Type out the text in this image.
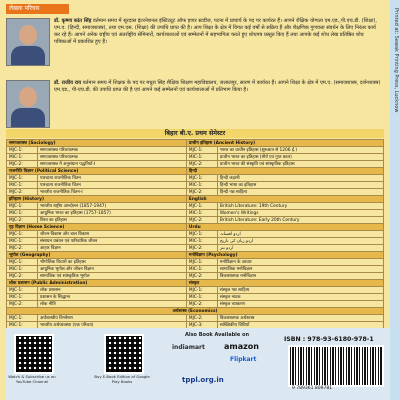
Printed at: Sewak Printing Press, Lucknow
लेखक परिचय
डॉ. कृष्णा कांत सिंह वर्तमान समय में सूरदास इंटरनेशनल इंस्टिट्यूट ऑफ हायर स्टडीज, पटना में प्राचार्य के पद पर कार्यरत हैं। आपने शैक्षिक योग्यता एम.एड.,पी.एच.डी. (शिक्षा), एम.ए. (हिन्दी, समाजशास्त्र), तथा एम.एस. (शिक्षा) की उपाधि प्राप्त की है। आप शिक्षा के क्षेत्र में विगत कई वर्षों से सक्रिय हैं और शैक्षणिक गुणवत्ता संवर्धन के लिए निरंतर कार्य कर रहे हैं। आपने अनेक राष्ट्रीय एवं अंतर्राष्ट्रीय सेमिनारों, कार्यशालाओं एवं सम्मेलनों में सहभागिता करते हुए शोधपत्र प्रस्तुत किए हैं तथा आपके कई शोध लेख प्रतिष्ठित शोध पत्रिकाओं में प्रकाशित हुए हैं।
डॉ. राजीव राय वर्तमान समय में शिक्षक के पद पर मधुरा सिंह शैक्षिक शिक्षण महाविद्यालय, जलालपुर, सारण में कार्यरत हैं। आपने शिक्षा के क्षेत्र में एम.ए. (समाजशास्त्र, दर्शनशास्त्र) एम.एड., पी-एच.डी. की उपाधि प्राप्त की है एवं आपने कई सम्मेलनों एवं कार्यशालाओं में प्रतिभाग किया है।
बिहार बी.ए. प्रथम सेमेस्टर
समाजशास्त्र (Sociology)		प्राचीन इतिहास (Ancient History)	
MJC-1:	समाजशास्त्र परिचयात्मक	MJC-1:	भारत का प्राचीन इतिहास (शुरुआत से 1206 ई.)
MIC-1:	समाजशास्त्र परिचयात्मक	MIC-1:	प्राचीन भारत का इतिहास (मौर्य एवं गुप्त काल)
MJC-2:	समाजशास्त्र में अनुसंधान पद्धतियाँ-I	MJC-2:	प्राचीन भारत की संस्कृति एवं सांस्कृतिक इतिहास
राजनीति विज्ञान (Political Science)		हिन्दी	
MJC-1:	पाश्चात्य राजनीतिक चिंतन	MJC-1:	हिन्दी कहानी
MIC-1:	पाश्चात्य राजनीतिक चिंतन	MIC-1:	हिन्दी भाषा का इतिहास
MJC-2:	भारतीय राजनीतिक चिंतन-I	MJC-2:	हिन्दी गद्य साहित्य
इतिहास (History)		English	
MJC-1:	भारतीय राष्ट्रीय आन्दोलन (1857-1947)	MJC-1:	British Literature: 19th Century
MIC-1:	आधुनिक भारत का इतिहास (1757-1857)	MIC-1:	Women's Writings
MJC-2:	विश्व का इतिहास	MJC-2:	British Literature: Early 20th Century
गृह विज्ञान (Home Science)		Urdu	
MJC-1:	जीवन-विकास और बाल विकास	MJC-1:	اردو افسانہ
MIC-1:	संसाधन प्रबंधन एवं पारिवारिक जीवन	MIC-1:	اردو زبان کی تاریخ
MJC-2:	आहार विज्ञान	MJC-2:	اردو نثر
भूगोल (Geography)		मनोविज्ञान (Psychology)	
MJC-1:	भौगोलिक विचारों का इतिहास	MJC-1:	मनोविज्ञान के आधार
MIC-1:	आधुनिक भूगोल और जीवन विज्ञान	MIC-1:	सामाजिक मनोविज्ञान
MJC-2:	सामाजिक एवं सांस्कृतिक भूगोल	MJC-2:	विकासात्मक मनोविज्ञान
लोक प्रशासन (Public Administration)		संस्कृत	
MJC-1:	लोक प्रशासन	MJC-1:	संस्कृत गद्य साहित्य
MIC-1:	प्रशासन के सिद्धान्त	MIC-1:	संस्कृत नाटक
MJC-2:	लोक नीति	MJC-2:	संस्कृत व्याकरण
अर्थशास्त्र (Economics)			
MJC-1:	अर्थशास्त्रीय विश्लेषण	MJC-2:	विकासात्मक अर्थशास्त्र
MIC-1:	भारतीय अर्थव्यवस्था (एक परिचय)	MJC-3:	सांख्यिकीय विधियाँ
Watch & Subscribe us on YouTube Channel
Buy E-Book Edition of Google Play Books
Also Book Available on
indiamart amazon
Flipkart
tppl.org.in
ISBN : 978-93-6180-978-1
9 789361 809781
